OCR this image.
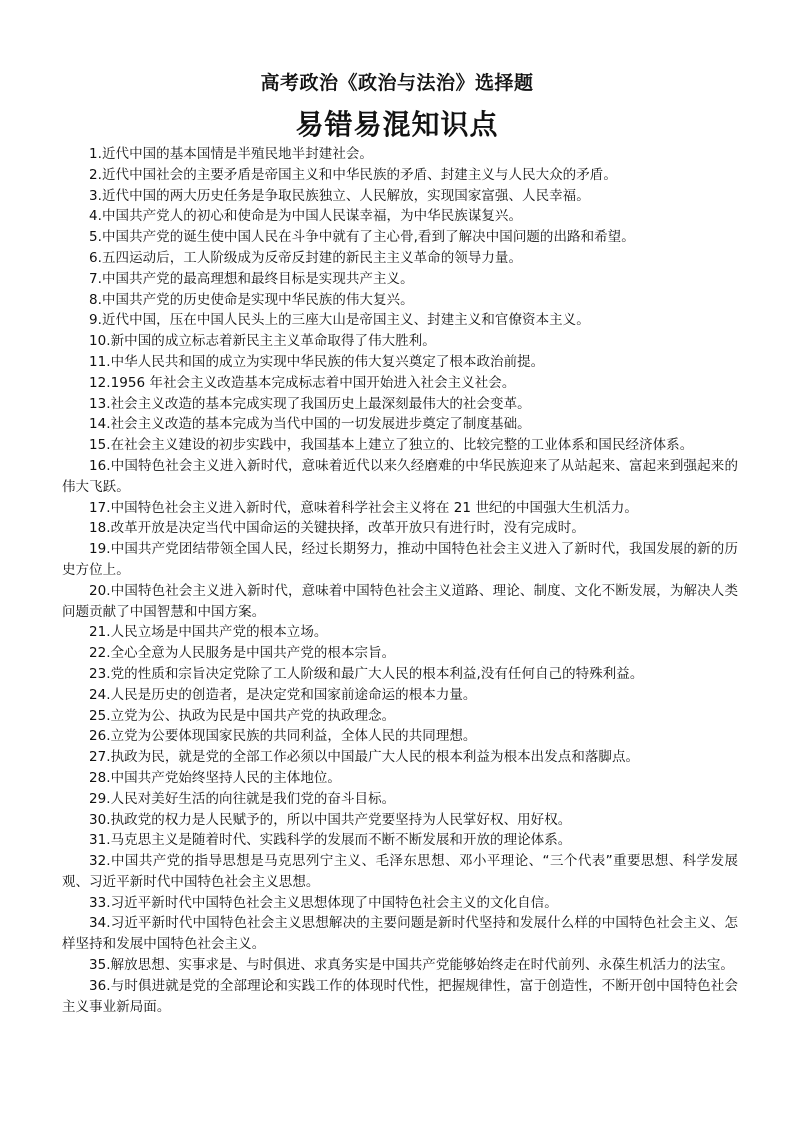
高考政治《政治与法治》选择题
易错易混知识点

1.近代中国的基本国情是半殖民地半封建社会。

2.近代中国社会的主要矛盾是帝国主义和中华民族的矛盾、封建主义与人民大众的矛盾。

3.近代中国的两大历史任务是争取民族独立、人民解放，实现国家富强、人民幸福。

4.中国共产党人的初心和使命是为中国人民谋幸福，为中华民族谋复兴。

5.中国共产党的诞生使中国人民在斗争中就有了主心骨,看到了解决中国问题的出路和希望。

6.五四运动后，工人阶级成为反帝反封建的新民主主义革命的领导力量。

7.中国共产党的最高理想和最终目标是实现共产主义。

8.中国共产党的历史使命是实现中华民族的伟大复兴。

9.近代中国，压在中国人民头上的三座大山是帝国主义、封建主义和官僚资本主义。

10.新中国的成立标志着新民主主义革命取得了伟大胜利。

11.中华人民共和国的成立为实现中华民族的伟大复兴奠定了根本政治前提。

12.1956 年社会主义改造基本完成标志着中国开始进入社会主义社会。

13.社会主义改造的基本完成实现了我国历史上最深刻最伟大的社会变革。

14.社会主义改造的基本完成为当代中国的一切发展进步奠定了制度基础。

15.在社会主义建设的初步实践中，我国基本上建立了独立的、比较完整的工业体系和国民经济体系。

16.中国特色社会主义进入新时代，意味着近代以来久经磨难的中华民族迎来了从站起来、富起来到强起来的伟大飞跃。

17.中国特色社会主义进入新时代，意味着科学社会主义将在 21 世纪的中国强大生机活力。

18.改革开放是决定当代中国命运的关键抉择，改革开放只有进行时，没有完成时。

19.中国共产党团结带领全国人民，经过长期努力，推动中国特色社会主义进入了新时代，我国发展的新的历史方位上。

20.中国特色社会主义进入新时代，意味着中国特色社会主义道路、理论、制度、文化不断发展，为解决人类问题贡献了中国智慧和中国方案。

21.人民立场是中国共产党的根本立场。

22.全心全意为人民服务是中国共产党的根本宗旨。

23.党的性质和宗旨决定党除了工人阶级和最广大人民的根本利益,没有任何自己的特殊利益。

24.人民是历史的创造者，是决定党和国家前途命运的根本力量。

25.立党为公、执政为民是中国共产党的执政理念。

26.立党为公要体现国家民族的共同利益，全体人民的共同理想。

27.执政为民，就是党的全部工作必须以中国最广大人民的根本利益为根本出发点和落脚点。

28.中国共产党始终坚持人民的主体地位。

29.人民对美好生活的向往就是我们党的奋斗目标。

30.执政党的权力是人民赋予的，所以中国共产党要坚持为人民掌好权、用好权。

31.马克思主义是随着时代、实践科学的发展而不断不断发展和开放的理论体系。

32.中国共产党的指导思想是马克思列宁主义、毛泽东思想、邓小平理论、“三个代表”重要思想、科学发展观、习近平新时代中国特色社会主义思想。

33.习近平新时代中国特色社会主义思想体现了中国特色社会主义的文化自信。

34.习近平新时代中国特色社会主义思想解决的主要问题是新时代坚持和发展什么样的中国特色社会主义、怎样坚持和发展中国特色社会主义。

35.解放思想、实事求是、与时俱进、求真务实是中国共产党能够始终走在时代前列、永葆生机活力的法宝。

36.与时俱进就是党的全部理论和实践工作的体现时代性，把握规律性，富于创造性，不断开创中国特色社会主义事业新局面。
